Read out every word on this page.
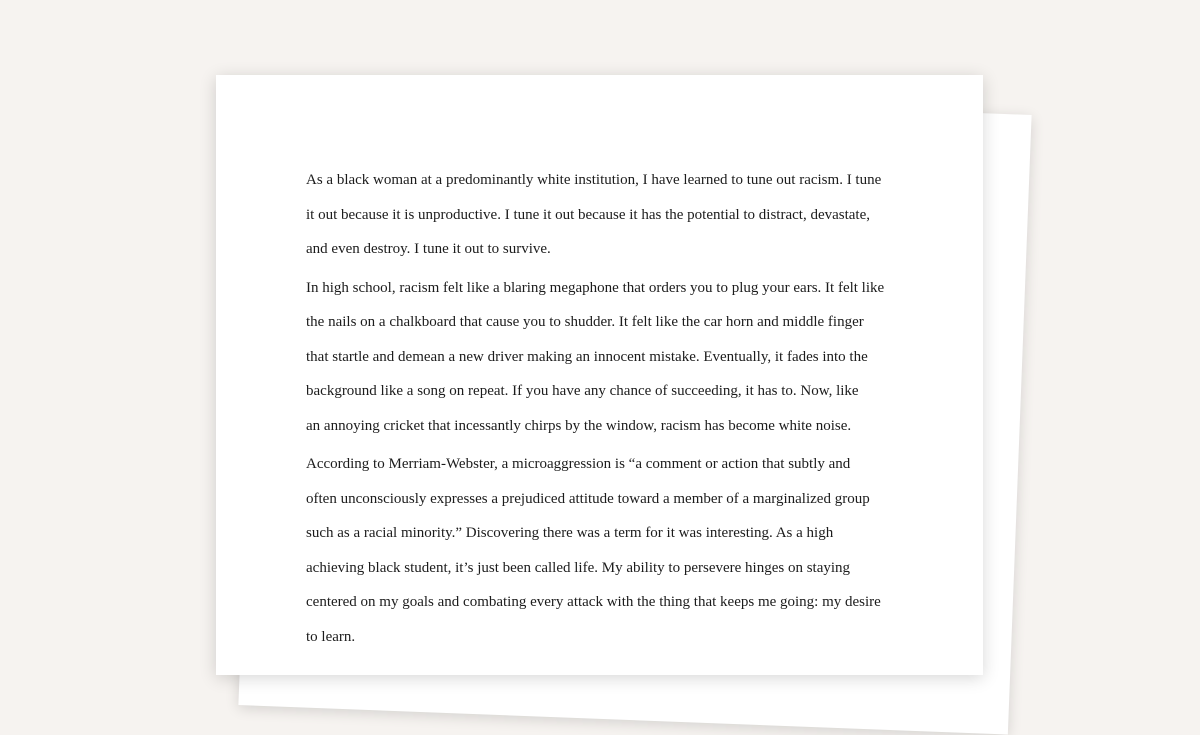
As a black woman at a predominantly white institution, I have learned to tune out racism. I tune
it out because it is unproductive. I tune it out because it has the potential to distract, devastate,
and even destroy. I tune it out to survive.
In high school, racism felt like a blaring megaphone that orders you to plug your ears. It felt like
the nails on a chalkboard that cause you to shudder. It felt like the car horn and middle finger
that startle and demean a new driver making an innocent mistake. Eventually, it fades into the
background like a song on repeat. If you have any chance of succeeding, it has to. Now, like
an annoying cricket that incessantly chirps by the window, racism has become white noise.
According to Merriam-Webster, a microaggression is “a comment or action that subtly and
often unconsciously expresses a prejudiced attitude toward a member of a marginalized group
such as a racial minority.” Discovering there was a term for it was interesting. As a high
achieving black student, it’s just been called life. My ability to persevere hinges on staying
centered on my goals and combating every attack with the thing that keeps me going: my desire
to learn.
